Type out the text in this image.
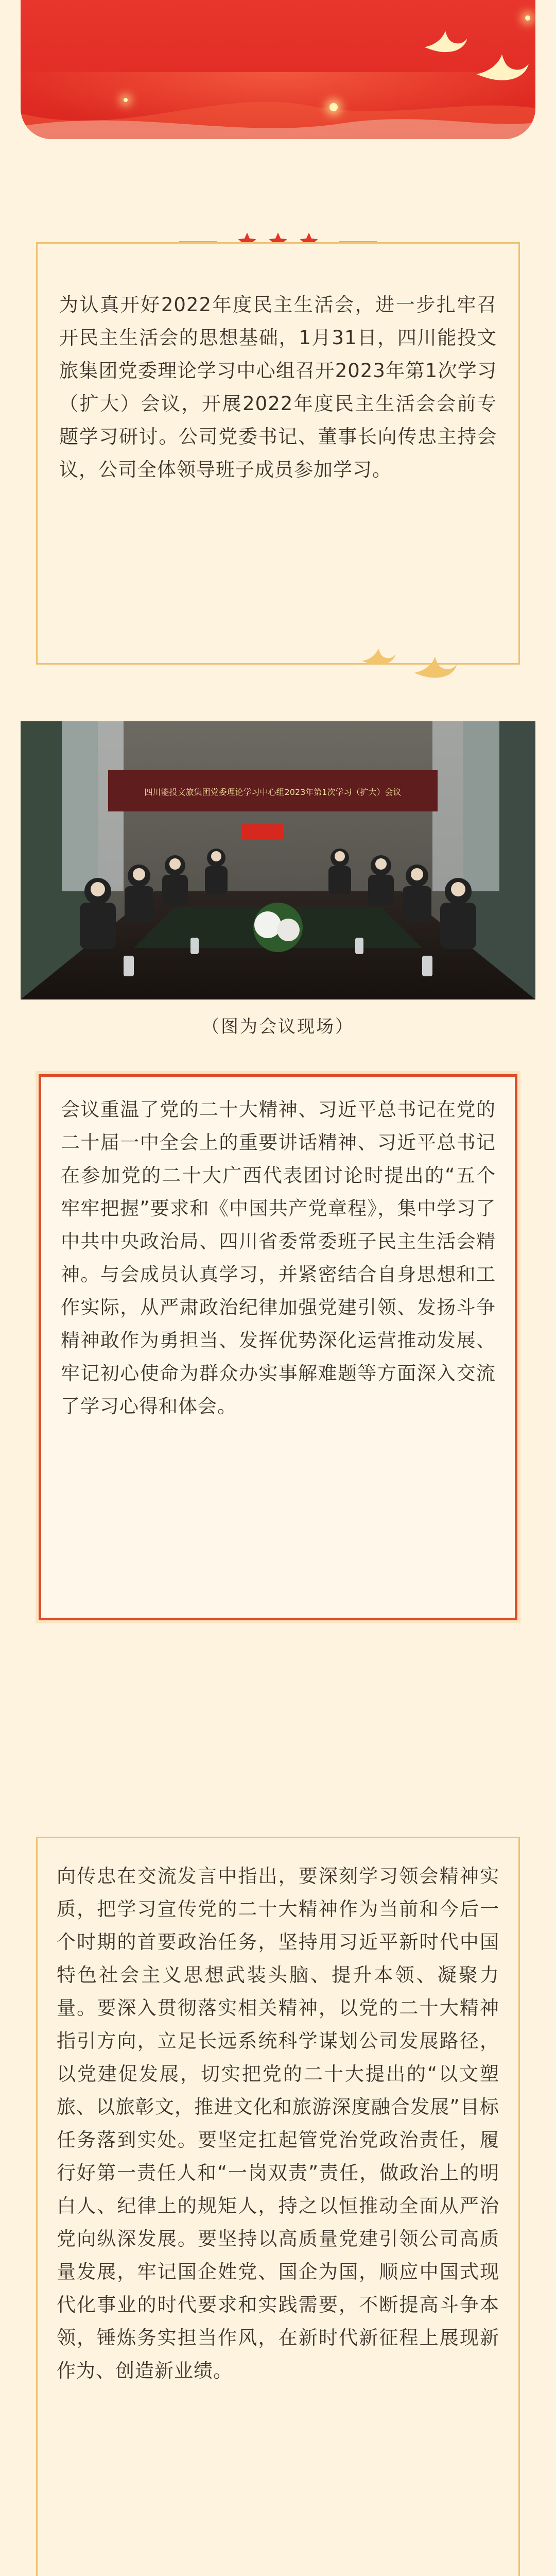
为认真开好2022年度民主生活会，进一步扎牢召开民主生活会的思想基础，1月31日，四川能投文旅集团党委理论学习中心组召开2023年第1次学习（扩大）会议，开展2022年度民主生活会会前专题学习研讨。公司党委书记、董事长向传忠主持会议，公司全体领导班子成员参加学习。

四川能投文旅集团党委理论学习中心组2023年第1次学习（扩大）会议
（图为会议现场）

会议重温了党的二十大精神、习近平总书记在党的二十届一中全会上的重要讲话精神、习近平总书记在参加党的二十大广西代表团讨论时提出的“五个牢牢把握”要求和《中国共产党章程》，集中学习了中共中央政治局、四川省委常委班子民主生活会精神。与会成员认真学习，并紧密结合自身思想和工作实际，从严肃政治纪律加强党建引领、发扬斗争精神敢作为勇担当、发挥优势深化运营推动发展、牢记初心使命为群众办实事解难题等方面深入交流了学习心得和体会。

向传忠在交流发言中指出，要深刻学习领会精神实质，把学习宣传党的二十大精神作为当前和今后一个时期的首要政治任务，坚持用习近平新时代中国特色社会主义思想武装头脑、提升本领、凝聚力量。要深入贯彻落实相关精神，以党的二十大精神指引方向，立足长远系统科学谋划公司发展路径，以党建促发展，切实把党的二十大提出的“以文塑旅、以旅彰文，推进文化和旅游深度融合发展”目标任务落到实处。要坚定扛起管党治党政治责任，履行好第一责任人和“一岗双责”责任，做政治上的明白人、纪律上的规矩人，持之以恒推动全面从严治党向纵深发展。要坚持以高质量党建引领公司高质量发展，牢记国企姓党、国企为国，顺应中国式现代化事业的时代要求和实践需要，不断提高斗争本领，锤炼务实担当作风，在新时代新征程上展现新作为、创造新业绩。
